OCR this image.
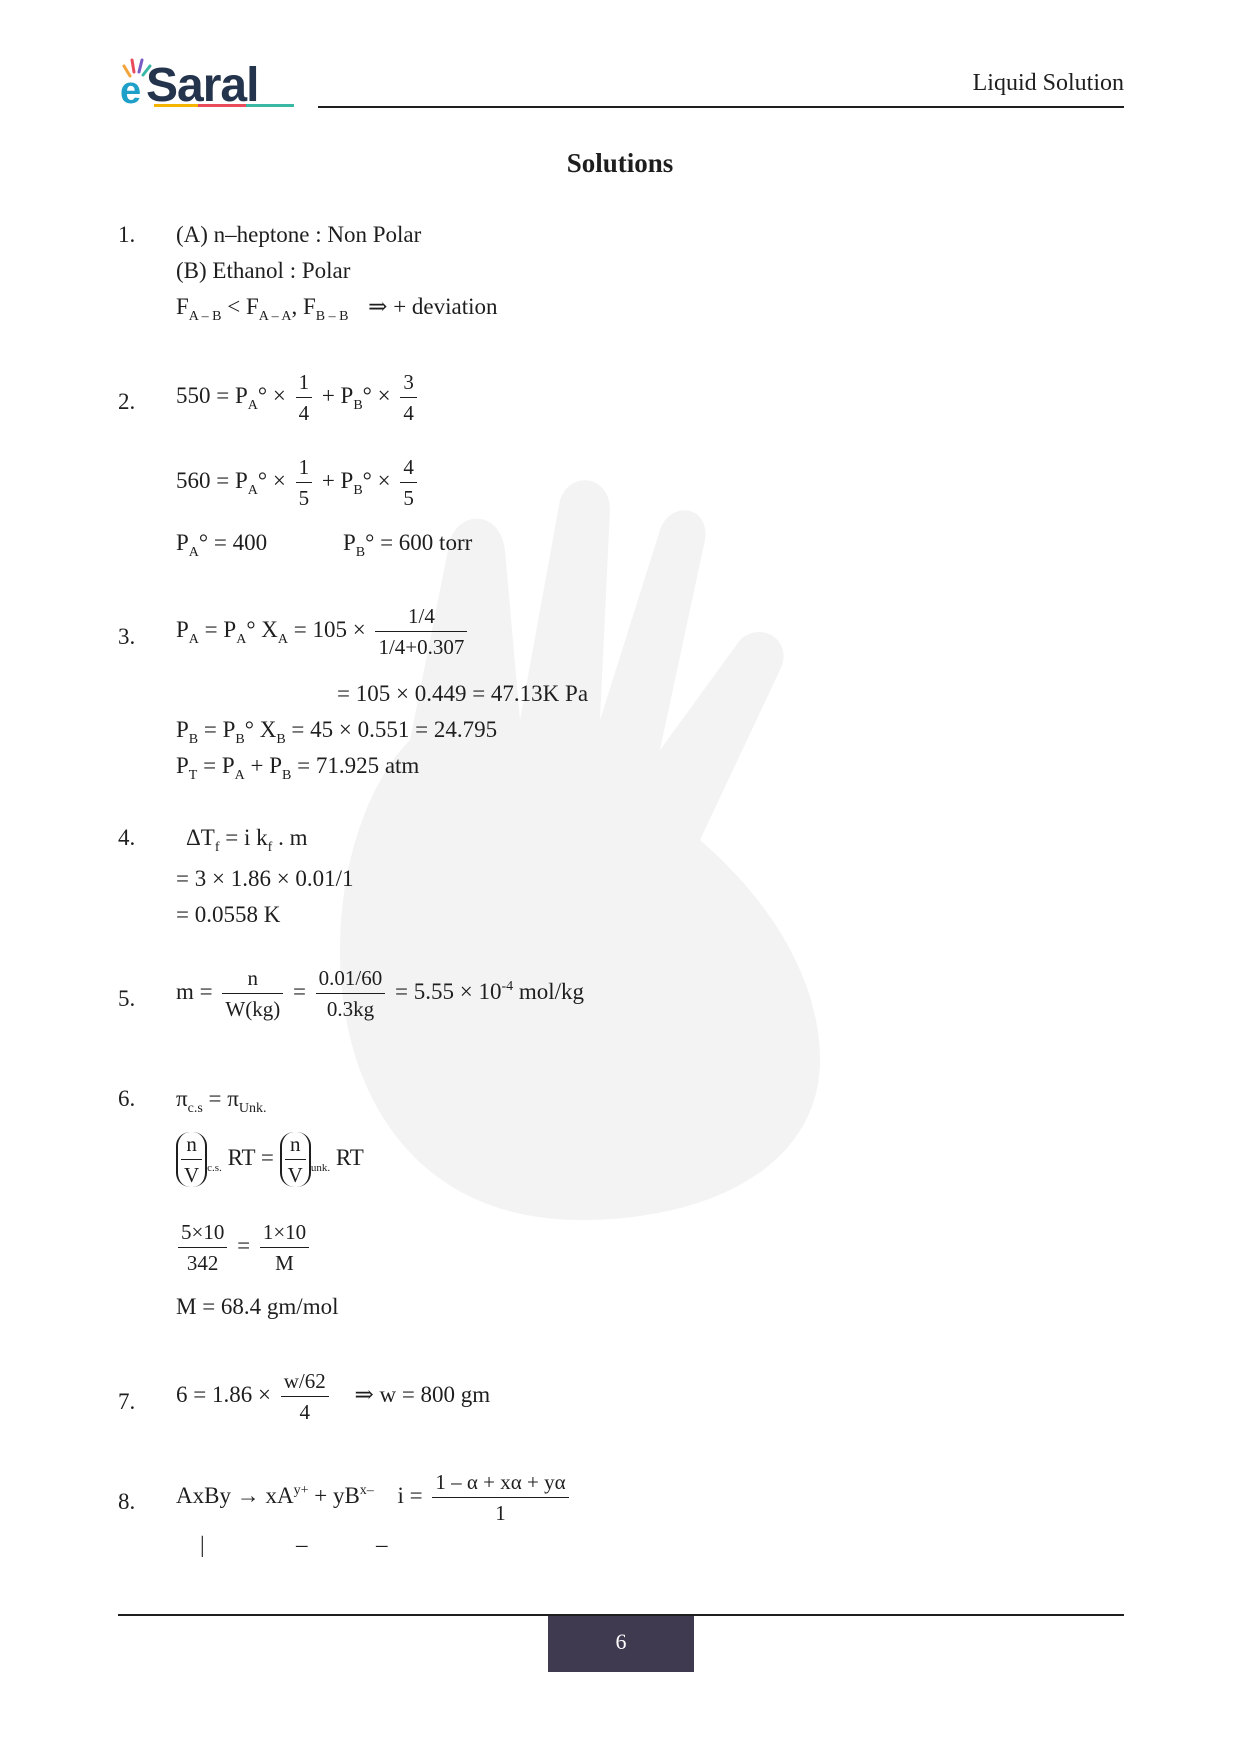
e Saral	Liquid Solution
Solutions
1. (A) n–heptone : Non Polar
(B) Ethanol : Polar
$F_{A - B} < F_{A - A}$, $F_{B - B}$ ⇒ + deviation
2. $550 = P_A^\circ \times \frac{1}{4} + P_B^\circ \times \frac{3}{4}$
$560 = P_A^\circ \times \frac{1}{5} + P_B^\circ \times \frac{4}{5}$
$P_A^\circ = 400$	$P_B^\circ = 600$ torr
3. $P_A = P_A^\circ$ $X_A = 105 \times \frac{1/4}{1/4+0.307}$
= 105 × 0.449 = 47.13K Pa
$P_B = P_B^\circ$ $X_B = 45 \times 0.551 = 24.795$
$P_T = P_A + P_B = 71.925$ atm
4. $\Delta T_f = i$ $k_f$ . m
= 3 × 1.86 × 0.01/1
= 0.0558 K
5. $m = \frac{n}{W(kg)} = \frac{0.01/60}{0.3kg} = 5.55 \times 10^{-4}$ mol/kg
6. $\pi_{c.s} = \pi_{Unk.}$
$\frac{n}{V} _{c.s.}$ RT = $\frac{n}{V} _{unk.}$ RT
$\frac{5\times 10}{342} = \frac{1\times 10}{M}$
M = 68.4 gm/mol
7. $6 = 1.86 \times \frac{w/62}{4}$ ⇒ w = 800 gm
8. AxBy → $xA^{y+} + yB^{x-}$ $i = \frac{1 - \alpha + x\alpha + y\alpha}{1}$
|	–	–
6
